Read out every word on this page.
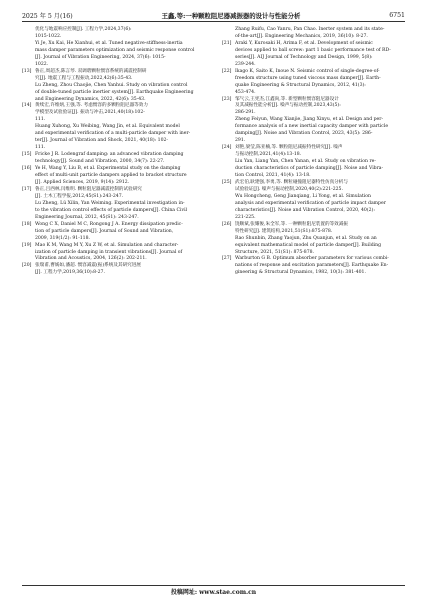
2025 年 5 月(16)	王鑫,等:一种颗粒阻尼器减振器的设计与性能分析	6751
优化与地震响应控制[J]. 工程力学,2024,37(6):
1015-1022.
Yi Je, Xu Kai, He Xianhui, et al. Tuned negative-stiffness-inertia
mass damper parameters optimization and seismic response control
[J]. Journal of Vibration Engineering, 2024, 37(6): 1015-
1022.
[13] 鲁正,周超杰,陈言琴. 双调谐颗粒惯容系统的减震控制研
究[J]. 地震工程与工程振动,2022,42(6):35-43.
Lu Zheng, Zhou Chaojie, Chen Yanhui. Study on vibration control
of double-tuned particle inertier system[J]. Earthquake Engineering
and Engineering Dynamics, 2022, 42(6): 35-43.
[14] 黄续宏,许维炳,王强,等. 考虑惯容的多颗粒阻尼器等效力
学模型及试验验证[J]. 振动与冲击,2021,40(18):102-
111.
Huang Xuhong, Xu Weibing, Wang Jin, et al. Equivalent model
and experimental verification of a multi-particle damper with iner-
ter[J]. Journal of Vibration and Shock, 2021, 40(18): 102-
111.
[15] Fricke J R. Lodengraf damping: an advanced vibration damping
technology[J]. Sound and Vibration, 2000, 34(7): 22-27.
[16] Ye H, Wang Y, Liu B, et al. Experimental study on the damping
effect of multi-unit particle dampers applied to bracket structure
[J]. Applied Sciences, 2019, 9(14): 2912.
[17] 鲁正,吕西林,闫维明. 颗粒阻尼器减震控制的试验研究
[J]. 土木工程学报,2012,45(S1):243-247.
Lu Zheng, Lü Xilin, Yan Weiming. Experimental investigation in-
to the vibration control effects of particle dampers[J]. China Civil
Engineering Journal, 2012, 45(S1): 243-247.
[18] Wong C X, Daniel M C, Rongong J A. Energy dissipation predic-
tion of particle dampers[J]. Journal of Sound and Vibration,
2009, 319(1/2): 91-118.
[19] Mao K M, Wang M Y, Xu Z W, et al. Simulation and character-
ization of particle damping in transient vibrations[J]. Journal of
Vibration and Acoustics, 2004, 126(2): 202-211.
[20] 张瑞甫,曹嫣如,潘超. 惯容减震(振)系统及其研究进展
[J]. 工程力学,2019,36(10):8-27.
Zhang Ruifu, Cao Yanru, Pan Chao. Inerter system and its state-
of-the-art[J]. Engineering Mechanics, 2019, 36(10): 8-27.
[21] Araki Y, Kurosaki H, Arima F, et al. Development of seismic
devices applied to ball screw: part 1 basic performance test of RD-
series[J]. AIJ Journal of Technology and Design, 1999, 5(8):
239-244.
[22] Ikago K, Saito K, Inoue N. Seismic control of single-degree-of-
freedom structure using tuned viscous mass damper[J]. Earth-
quake Engineering & Structural Dynamics, 2012, 41(3):
453-474.
[23] 邹气云,王宪杰,江鑫尚,等. 新型颗粒惯容阻尼器设计
及其减振性能分析[J]. 噪声与振动控制,2023,43(5):
286-291.
Zheng Feiyun, Wang Xianjie, Jiang Xinyu, et al. Design and per-
formance analysis of a new inertial capacity damper with particle
damping[J]. Noise and Vibration Control, 2023, 43(5): 286-
291.
[24] 刘艳,梁莹,陈亚楠,等. 颗粒阻尼减振特性研究[J]. 噪声
与振动控制,2021,41(4):13-18.
Liu Yan, Liang Yan, Chen Yanan, et al. Study on vibration re-
duction characteristics of particle damping[J]. Noise and Vibra-
tion Control, 2021, 41(4): 13-18.
[25] 武宏伯,耿建强,李勇,等. 颗粒碰撞阻尼器特性仿真分析与
试验验证[J]. 噪声与振动控制,2020,40(2):221-225.
Wu Hongcheng, Geng Jianqiang, Li Yong, et al. Simulation
analysis and experimental verification of particle impact damper
characteristics[J]. Noise and Vibration Control, 2020, 40(2):
221-225.
[26] 饶顺斌,张耀俊,朱全军,等. 一种颗粒阻尼装置的等效减振
特性研究[J]. 建筑结构,2021,51(S1):875-878.
Rao Shunbin, Zhang Yaojun, Zhu Quanjun, et al. Study on an
equivalent mathematical model of particle damper[J]. Building
Structure, 2021, 51(S1): 875-878.
[27] Warburton G B. Optimum absorber parameters for various combi-
nations of response and excitation parameters[J]. Earthquake En-
gineering & Structural Dynamics, 1982, 10(3): 381-401.
投稿网址: www.stae.com.cn
